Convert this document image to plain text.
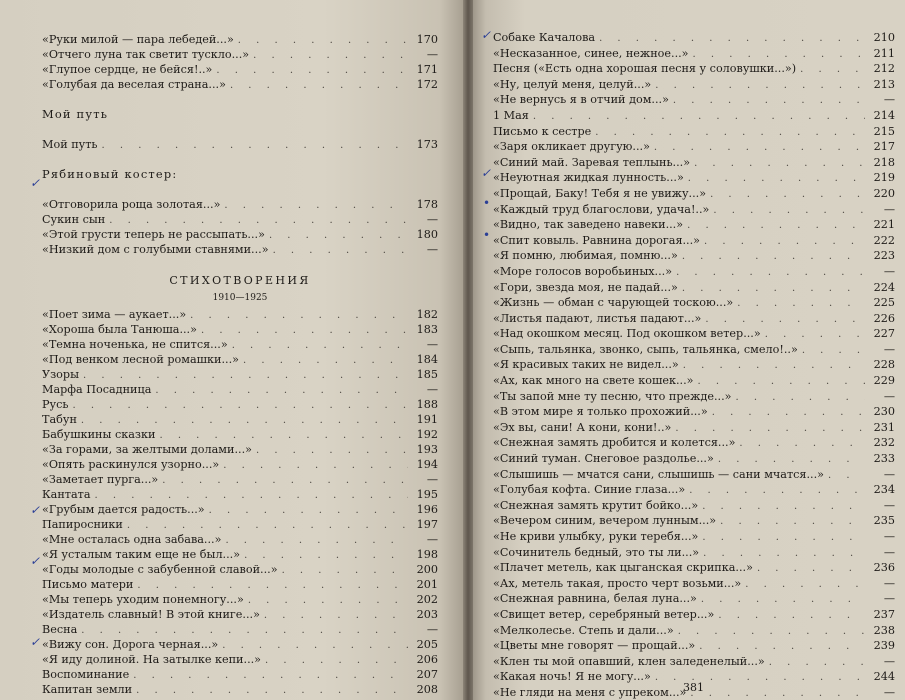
«Руки милой — пара лебедей...» . . .	170
«Отчего луна так светит тускло...» . . .	—
«Глупое сердце, не бейся!..» . . .	171
«Голубая да веселая страна...» . . .	172
Мой путь
Мой путь . . .	173
Рябиновый костер:
«Отговорила роща золотая...» . . .	178
Сукин сын . . .	—
«Этой грусти теперь не рассыпать...» . . .	180
«Низкий дом с голубыми ставнями...» . . .	—
СТИХОТВОРЕНИЯ
1910—1925
«Поет зима — аукает...» . . .	182
«Хороша была Танюша...» . . .	183
«Темна ноченька, не спится...» . . .	—
«Под венком лесной ромашки...» . . .	184
Узоры . . .	185
Марфа Посадница . . .	—
Русь . . .	188
Табун . . .	191
Бабушкины сказки . . .	192
«За горами, за желтыми долами...» . . .	193
«Опять раскинулся узорно...» . . .	194
«Заметает пурга...» . . .	—
Кантата . . .	195
«Грубым дается радость...» . . .	196
Папиросники . . .	197
«Мне осталась одна забава...» . . .	—
«Я усталым таким еще не был...» . . .	198
«Годы молодые с забубенной славой...» . . .	200
Письмо матери . . .	201
«Мы теперь уходим понемногу...» . . .	202
«Издатель славный! В этой книге...» . . .	203
Весна . . .	—
«Вижу сон. Дорога черная...» . . .	205
«Я иду долиной. На затылке кепи...» . . .	206
Воспоминание . . .	207
Капитан земли . . .	208
✓
✓
✓
✓
Собаке Качалова . . .	210
«Несказанное, синее, нежное...» . . .	211
Песня («Есть одна хорошая песня у соловушки...») . . .	212
«Ну, целуй меня, целуй...» . . .	213
«Не вернусь я в отчий дом...» . . .	—
1 Мая . . .	214
Письмо к сестре . . .	215
«Заря окликает другую...» . . .	217
«Синий май. Заревая теплынь...» . . .	218
«Неуютная жидкая лунность...» . . .	219
«Прощай, Баку! Тебя я не увижу...» . . .	220
«Каждый труд благослови, удача!..» . . .	—
«Видно, так заведено навеки...» . . .	221
«Спит ковыль. Равнина дорогая...» . . .	222
«Я помню, любимая, помню...» . . .	223
«Море голосов воробьиных...» . . .	—
«Гори, звезда моя, не падай...» . . .	224
«Жизнь — обман с чарующей тоскою...» . . .	225
«Листья падают, листья падают...» . . .	226
«Над окошком месяц. Под окошком ветер...» . . .	227
«Сыпь, тальянка, звонко, сыпь, тальянка, смело!..» . . .	—
«Я красивых таких не видел...» . . .	228
«Ах, как много на свете кошек...» . . .	229
«Ты запой мне ту песню, что прежде...» . . .	—
«В этом мире я только прохожий...» . . .	230
«Эх вы, сани! А кони, кони!..» . . .	231
«Снежная замять дробится и колется...» . . .	232
«Синий туман. Снеговое раздолье...» . . .	233
«Слышишь — мчатся сани, слышишь — сани мчатся...» . . .	—
«Голубая кофта. Синие глаза...» . . .	234
«Снежная замять крутит бойко...» . . .	—
«Вечером синим, вечером лунным...» . . .	235
«Не криви улыбку, руки теребя...» . . .	—
«Сочинитель бедный, это ты ли...» . . .	—
«Плачет метель, как цыганская скрипка...» . . .	236
«Ах, метель такая, просто черт возьми...» . . .	—
«Снежная равнина, белая луна...» . . .	—
«Свищет ветер, серебряный ветер...» . . .	237
«Мелколесье. Степь и дали...» . . .	238
«Цветы мне говорят — прощай...» . . .	239
«Клен ты мой опавший, клен заледенелый...» . . .	—
«Какая ночь! Я не могу...» . . .	244
«Не гляди на меня с упреком...» . . .	—
✓
✓
•
•
381
